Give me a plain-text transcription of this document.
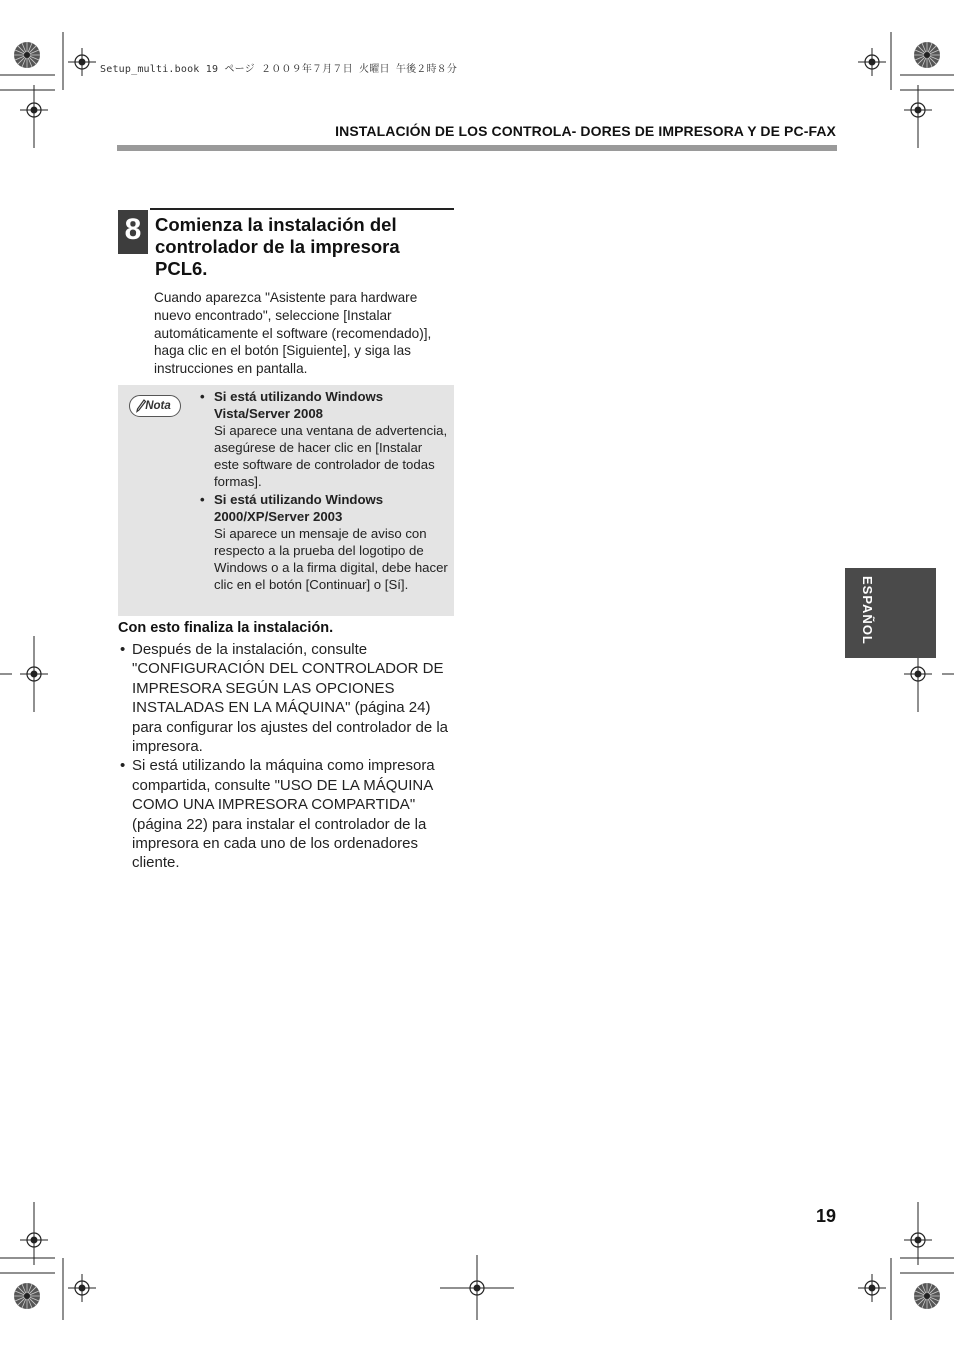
Setup_multi.book 19 ページ ２００９年７月７日 火曜日 午後２時８分
INSTALACIÓN DE LOS CONTROLA- DORES DE IMPRESORA Y DE PC-FAX
8 Comienza la instalación del controlador de la impresora PCL6.
Cuando aparezca "Asistente para hardware nuevo encontrado", seleccione [Instalar automáticamente el software (recomendado)], haga clic en el botón [Siguiente], y siga las instrucciones en pantalla.
Nota
• Si está utilizando Windows Vista/Server 2008
Si aparece una ventana de advertencia, asegúrese de hacer clic en [Instalar este software de controlador de todas formas].
• Si está utilizando Windows 2000/XP/Server 2003
Si aparece un mensaje de aviso con respecto a la prueba del logotipo de Windows o a la firma digital, debe hacer clic en el botón [Continuar] o [Sí].
Con esto finaliza la instalación.
• Después de la instalación, consulte "CONFIGURACIÓN DEL CONTROLADOR DE IMPRESORA SEGÚN LAS OPCIONES INSTALADAS EN LA MÁQUINA" (página 24) para configurar los ajustes del controlador de la impresora.
• Si está utilizando la máquina como impresora compartida, consulte "USO DE LA MÁQUINA COMO UNA IMPRESORA COMPARTIDA" (página 22) para instalar el controlador de la impresora en cada uno de los ordenadores cliente.
ESPAÑOL
19
